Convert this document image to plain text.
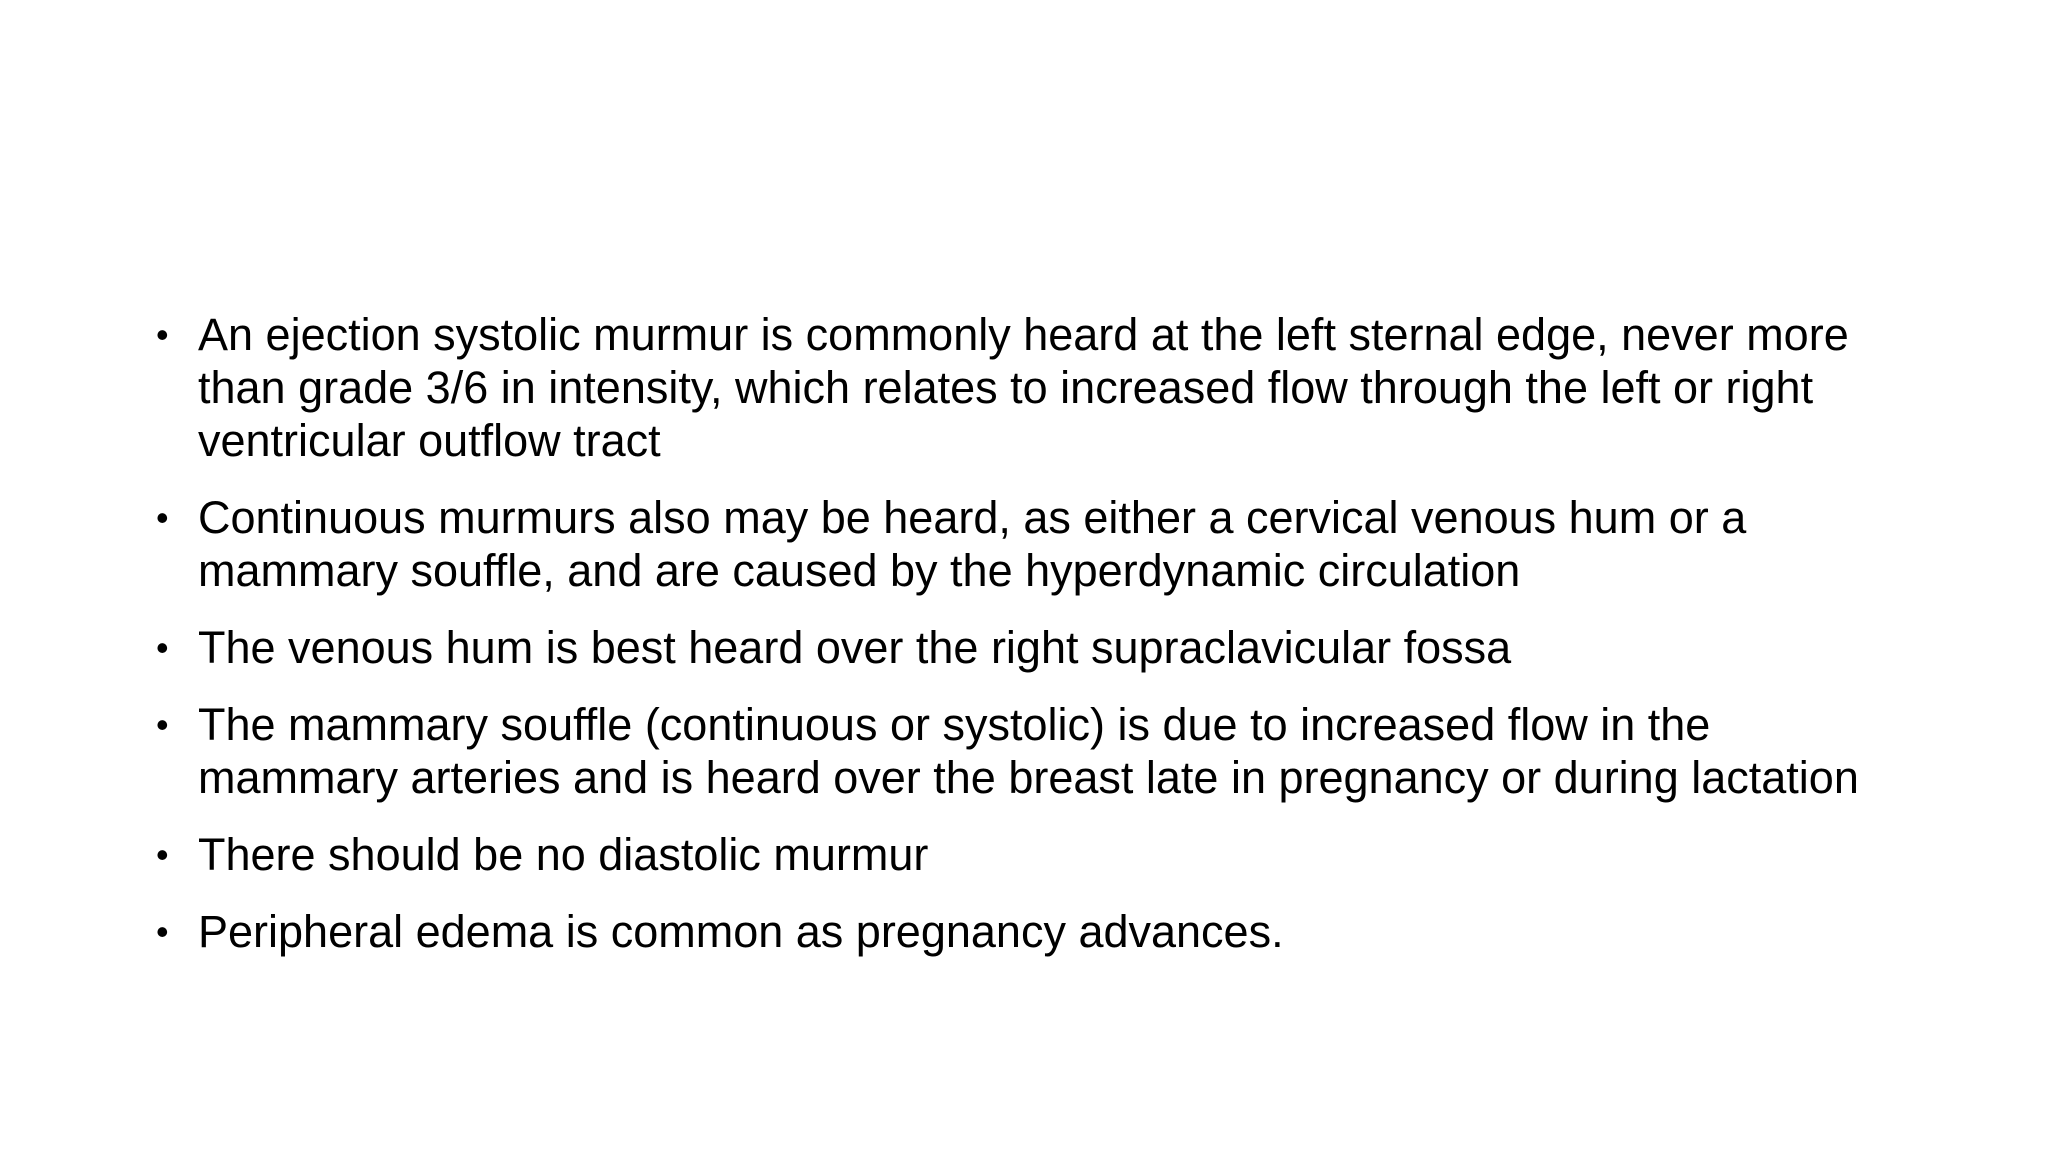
• An ejection systolic murmur is commonly heard at the left sternal edge, never more than grade 3/6 in intensity, which relates to increased flow through the left or right ventricular outflow tract
• Continuous murmurs also may be heard, as either a cervical venous hum or a mammary souffle, and are caused by the hyperdynamic circulation
• The venous hum is best heard over the right supraclavicular fossa
• The mammary souffle (continuous or systolic) is due to increased flow in the mammary arteries and is heard over the breast late in pregnancy or during lactation
• There should be no diastolic murmur
• Peripheral edema is common as pregnancy advances.
